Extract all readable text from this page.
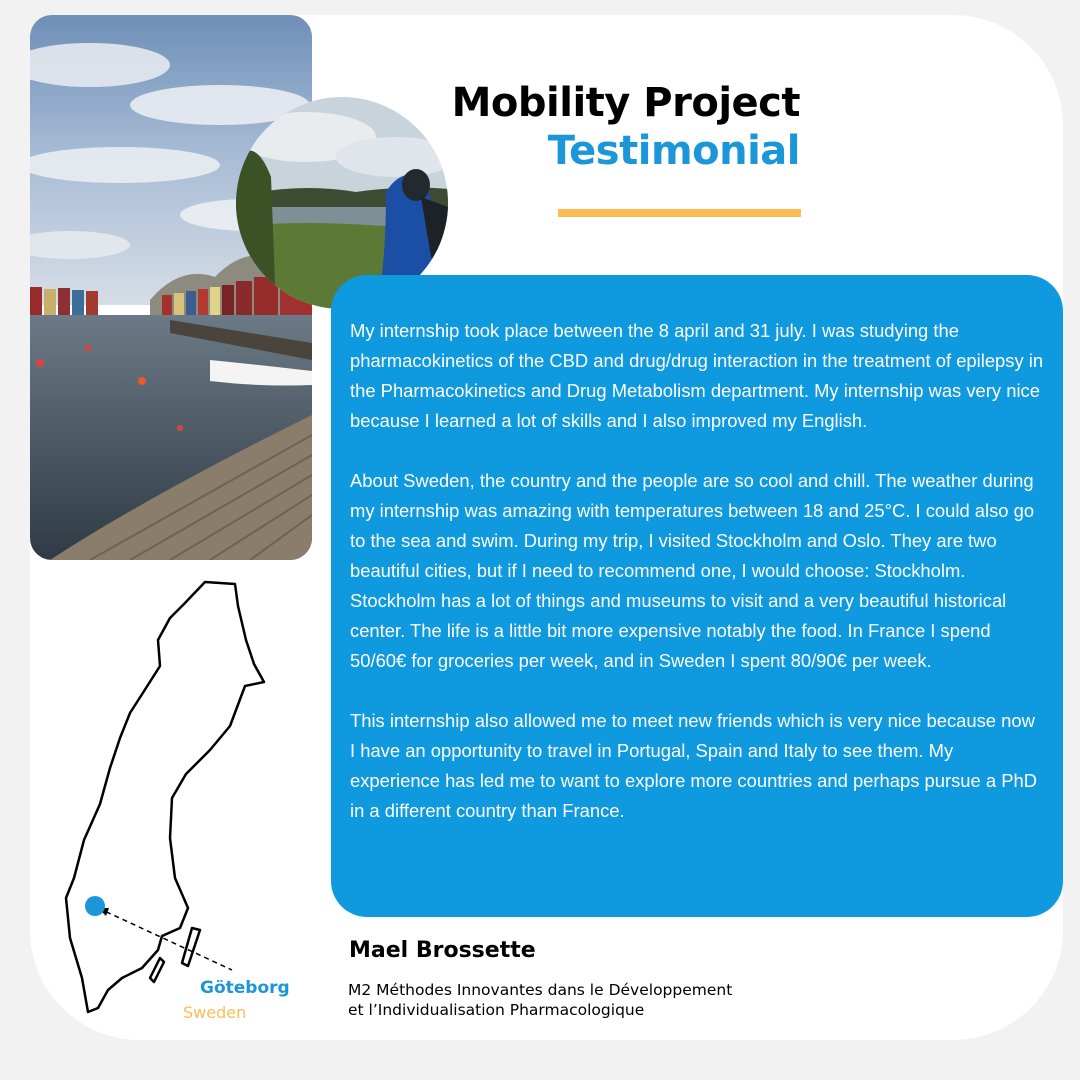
Mobility Project
Testimonial

My internship took place between the 8 april and 31 july. I was studying the pharmacokinetics of the CBD and drug/drug interaction in the treatment of epilepsy in the Pharmacokinetics and Drug Metabolism department. My internship was very nice because I learned a lot of skills and I also improved my English.

About Sweden, the country and the people are so cool and chill. The weather during my internship was amazing with temperatures between 18 and 25°C. I could also go to the sea and swim. During my trip, I visited Stockholm and Oslo. They are two beautiful cities, but if I need to recommend one, I would choose: Stockholm. Stockholm has a lot of things and museums to visit and a very beautiful historical center. The life is a little bit more expensive notably the food. In France I spend 50/60€ for groceries per week, and in Sweden I spent 80/90€ per week.

This internship also allowed me to meet new friends which is very nice because now I have an opportunity to travel in Portugal, Spain and Italy to see them. My experience has led me to want to explore more countries and perhaps pursue a PhD in a different country than France.

Göteborg
Sweden
Mael Brossette
M2 Méthodes Innovantes dans le Développement
et l’Individualisation Pharmacologique
